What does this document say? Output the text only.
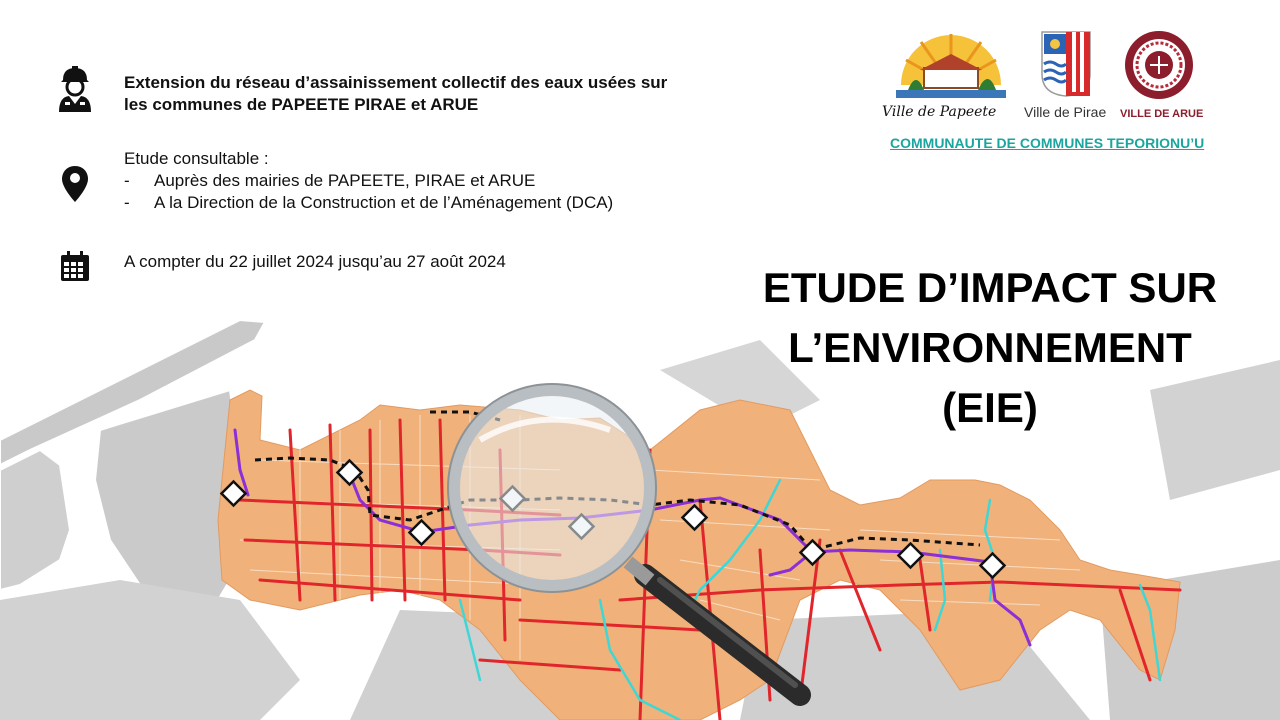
Extension du réseau d’assainissement collectif des eaux usées sur
les communes de PAPEETE PIRAE et ARUE
Etude consultable :
- Auprès des mairies de PAPEETE, PIRAE et ARUE
- A la Direction de la Construction et de l’Aménagement (DCA)
A compter du 22 juillet 2024 jusqu’au 27 août 2024
Ville de Papeete Ville de Pirae VILLE DE ARUE
COMMUNAUTE DE COMMUNES TEPORIONU’U
ETUDE D’IMPACT SUR
L’ENVIRONNEMENT
(EIE)
